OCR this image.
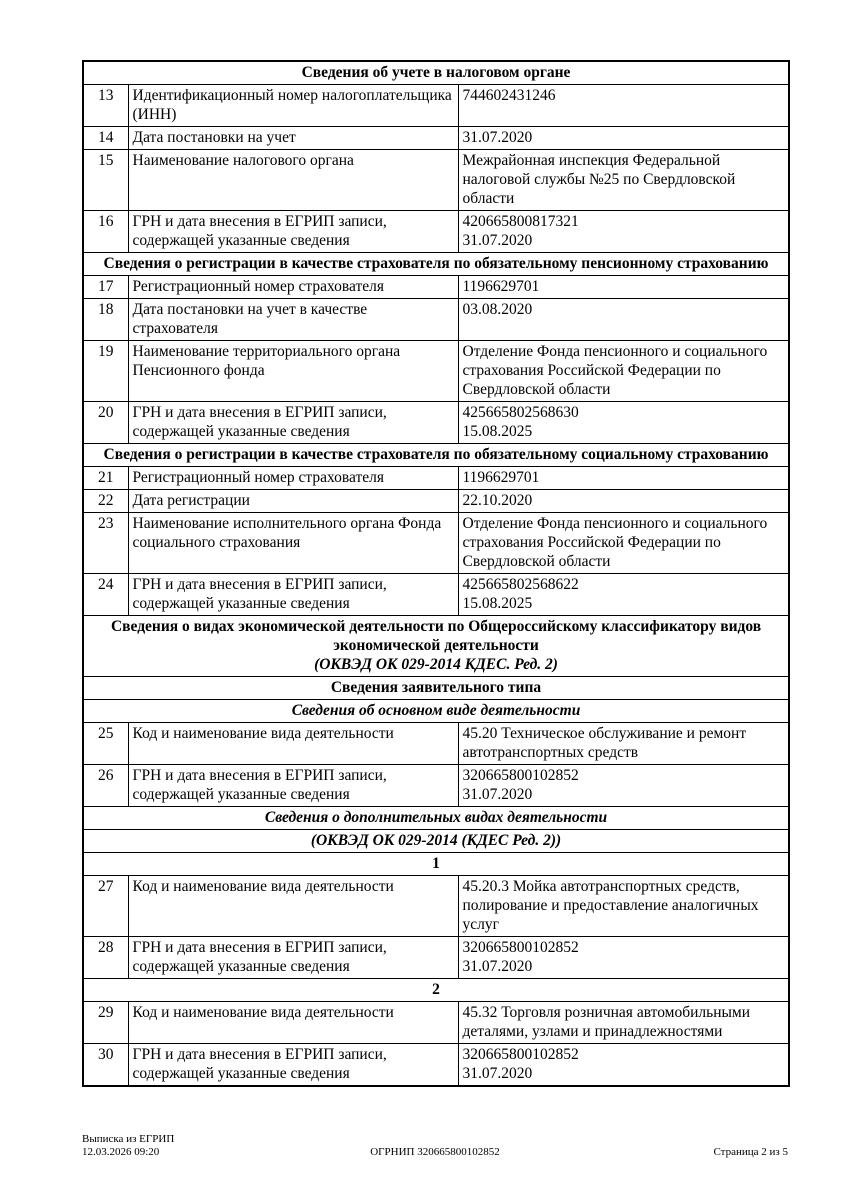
Сведения об учете в налоговом органе		

13	Идентификационный номер налогоплательщика (ИНН)	744602431246

14	Дата постановки на учет	31.07.2020

15	Наименование налогового органа	Межрайонная инспекция Федеральной налоговой службы №25 по Свердловской области

16	ГРН и дата внесения в ЕГРИП записи, содержащей указанные сведения	420665800817321
31.07.2020

Сведения о регистрации в качестве страхователя по обязательному пенсионному страхованию		

17	Регистрационный номер страхователя	1196629701

18	Дата постановки на учет в качестве страхователя	03.08.2020

19	Наименование территориального органа Пенсионного фонда	Отделение Фонда пенсионного и социального страхования Российской Федерации по Свердловской области

20	ГРН и дата внесения в ЕГРИП записи, содержащей указанные сведения	425665802568630
15.08.2025

Сведения о регистрации в качестве страхователя по обязательному социальному страхованию		

21	Регистрационный номер страхователя	1196629701

22	Дата регистрации	22.10.2020

23	Наименование исполнительного органа Фонда социального страхования	Отделение Фонда пенсионного и социального страхования Российской Федерации по Свердловской области

24	ГРН и дата внесения в ЕГРИП записи, содержащей указанные сведения	425665802568622
15.08.2025

Сведения о видах экономической деятельности по Общероссийскому классификатору видов экономической деятельности
(ОКВЭД ОК 029-2014 КДЕС. Ред. 2)		

Сведения заявительного типа		

Сведения об основном виде деятельности		

25	Код и наименование вида деятельности	45.20 Техническое обслуживание и ремонт автотранспортных средств

26	ГРН и дата внесения в ЕГРИП записи, содержащей указанные сведения	320665800102852
31.07.2020

Сведения о дополнительных видах деятельности		

(ОКВЭД ОК 029-2014 (КДЕС Ред. 2))		

1		

27	Код и наименование вида деятельности	45.20.3 Мойка автотранспортных средств, полирование и предоставление аналогичных услуг

28	ГРН и дата внесения в ЕГРИП записи, содержащей указанные сведения	320665800102852
31.07.2020

2		

29	Код и наименование вида деятельности	45.32 Торговля розничная автомобильными деталями, узлами и принадлежностями

30	ГРН и дата внесения в ЕГРИП записи, содержащей указанные сведения	320665800102852
31.07.2020
Выписка из ЕГРИП
12.03.2026 09:20	ОГРНИП 320665800102852	Страница 2 из 5
